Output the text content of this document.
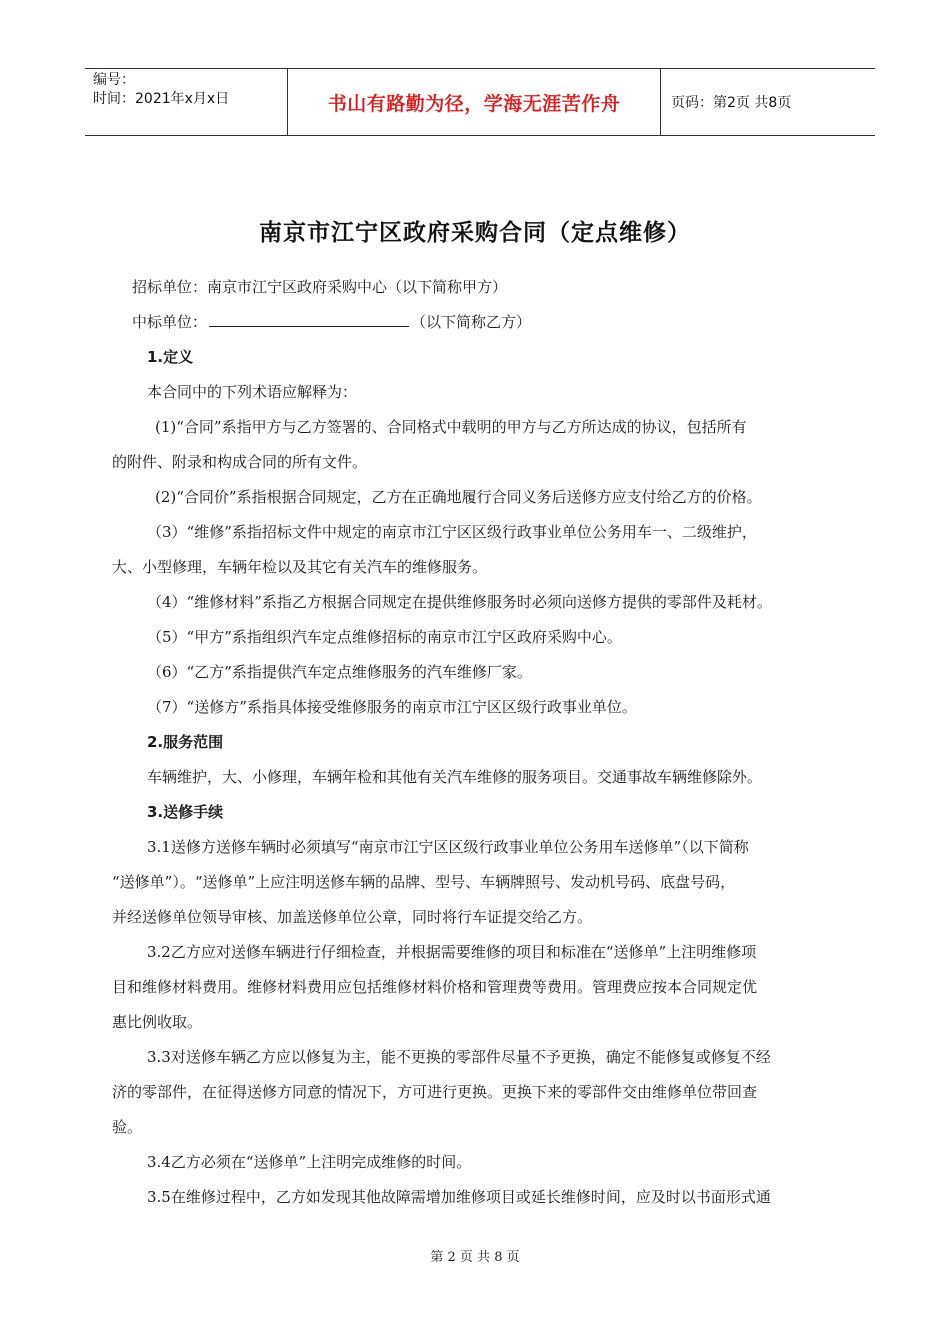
编号：
时间：2021年x月x日	书山有路勤为径，学海无涯苦作舟	页码：第2页 共8页
南京市江宁区政府采购合同（定点维修）
招标单位：南京市江宁区政府采购中心（以下简称甲方）
中标单位：	（以下简称乙方）
1.定义
本合同中的下列术语应解释为：
(1)“合同”系指甲方与乙方签署的、合同格式中载明的甲方与乙方所达成的协议，包括所有
的附件、附录和构成合同的所有文件。
(2)“合同价”系指根据合同规定，乙方在正确地履行合同义务后送修方应支付给乙方的价格。
（3）“维修”系指招标文件中规定的南京市江宁区区级行政事业单位公务用车一、二级维护，
大、小型修理，车辆年检以及其它有关汽车的维修服务。
（4）“维修材料”系指乙方根据合同规定在提供维修服务时必须向送修方提供的零部件及耗材。
（5）“甲方”系指组织汽车定点维修招标的南京市江宁区政府采购中心。
（6）“乙方”系指提供汽车定点维修服务的汽车维修厂家。
（7）“送修方”系指具体接受维修服务的南京市江宁区区级行政事业单位。
2.服务范围
车辆维护，大、小修理，车辆年检和其他有关汽车维修的服务项目。交通事故车辆维修除外。
3.送修手续
3.1送修方送修车辆时必须填写“南京市江宁区区级行政事业单位公务用车送修单”（以下简称
“送修单”）。“送修单”上应注明送修车辆的品牌、型号、车辆牌照号、发动机号码、底盘号码，
并经送修单位领导审核、加盖送修单位公章，同时将行车证提交给乙方。
3.2乙方应对送修车辆进行仔细检查，并根据需要维修的项目和标准在“送修单”上注明维修项
目和维修材料费用。维修材料费用应包括维修材料价格和管理费等费用。管理费应按本合同规定优
惠比例收取。
3.3对送修车辆乙方应以修复为主，能不更换的零部件尽量不予更换，确定不能修复或修复不经
济的零部件，在征得送修方同意的情况下，方可进行更换。更换下来的零部件交由维修单位带回查
验。
3.4乙方必须在“送修单”上注明完成维修的时间。
3.5在维修过程中，乙方如发现其他故障需增加维修项目或延长维修时间，应及时以书面形式通
第 2 页 共 8 页
